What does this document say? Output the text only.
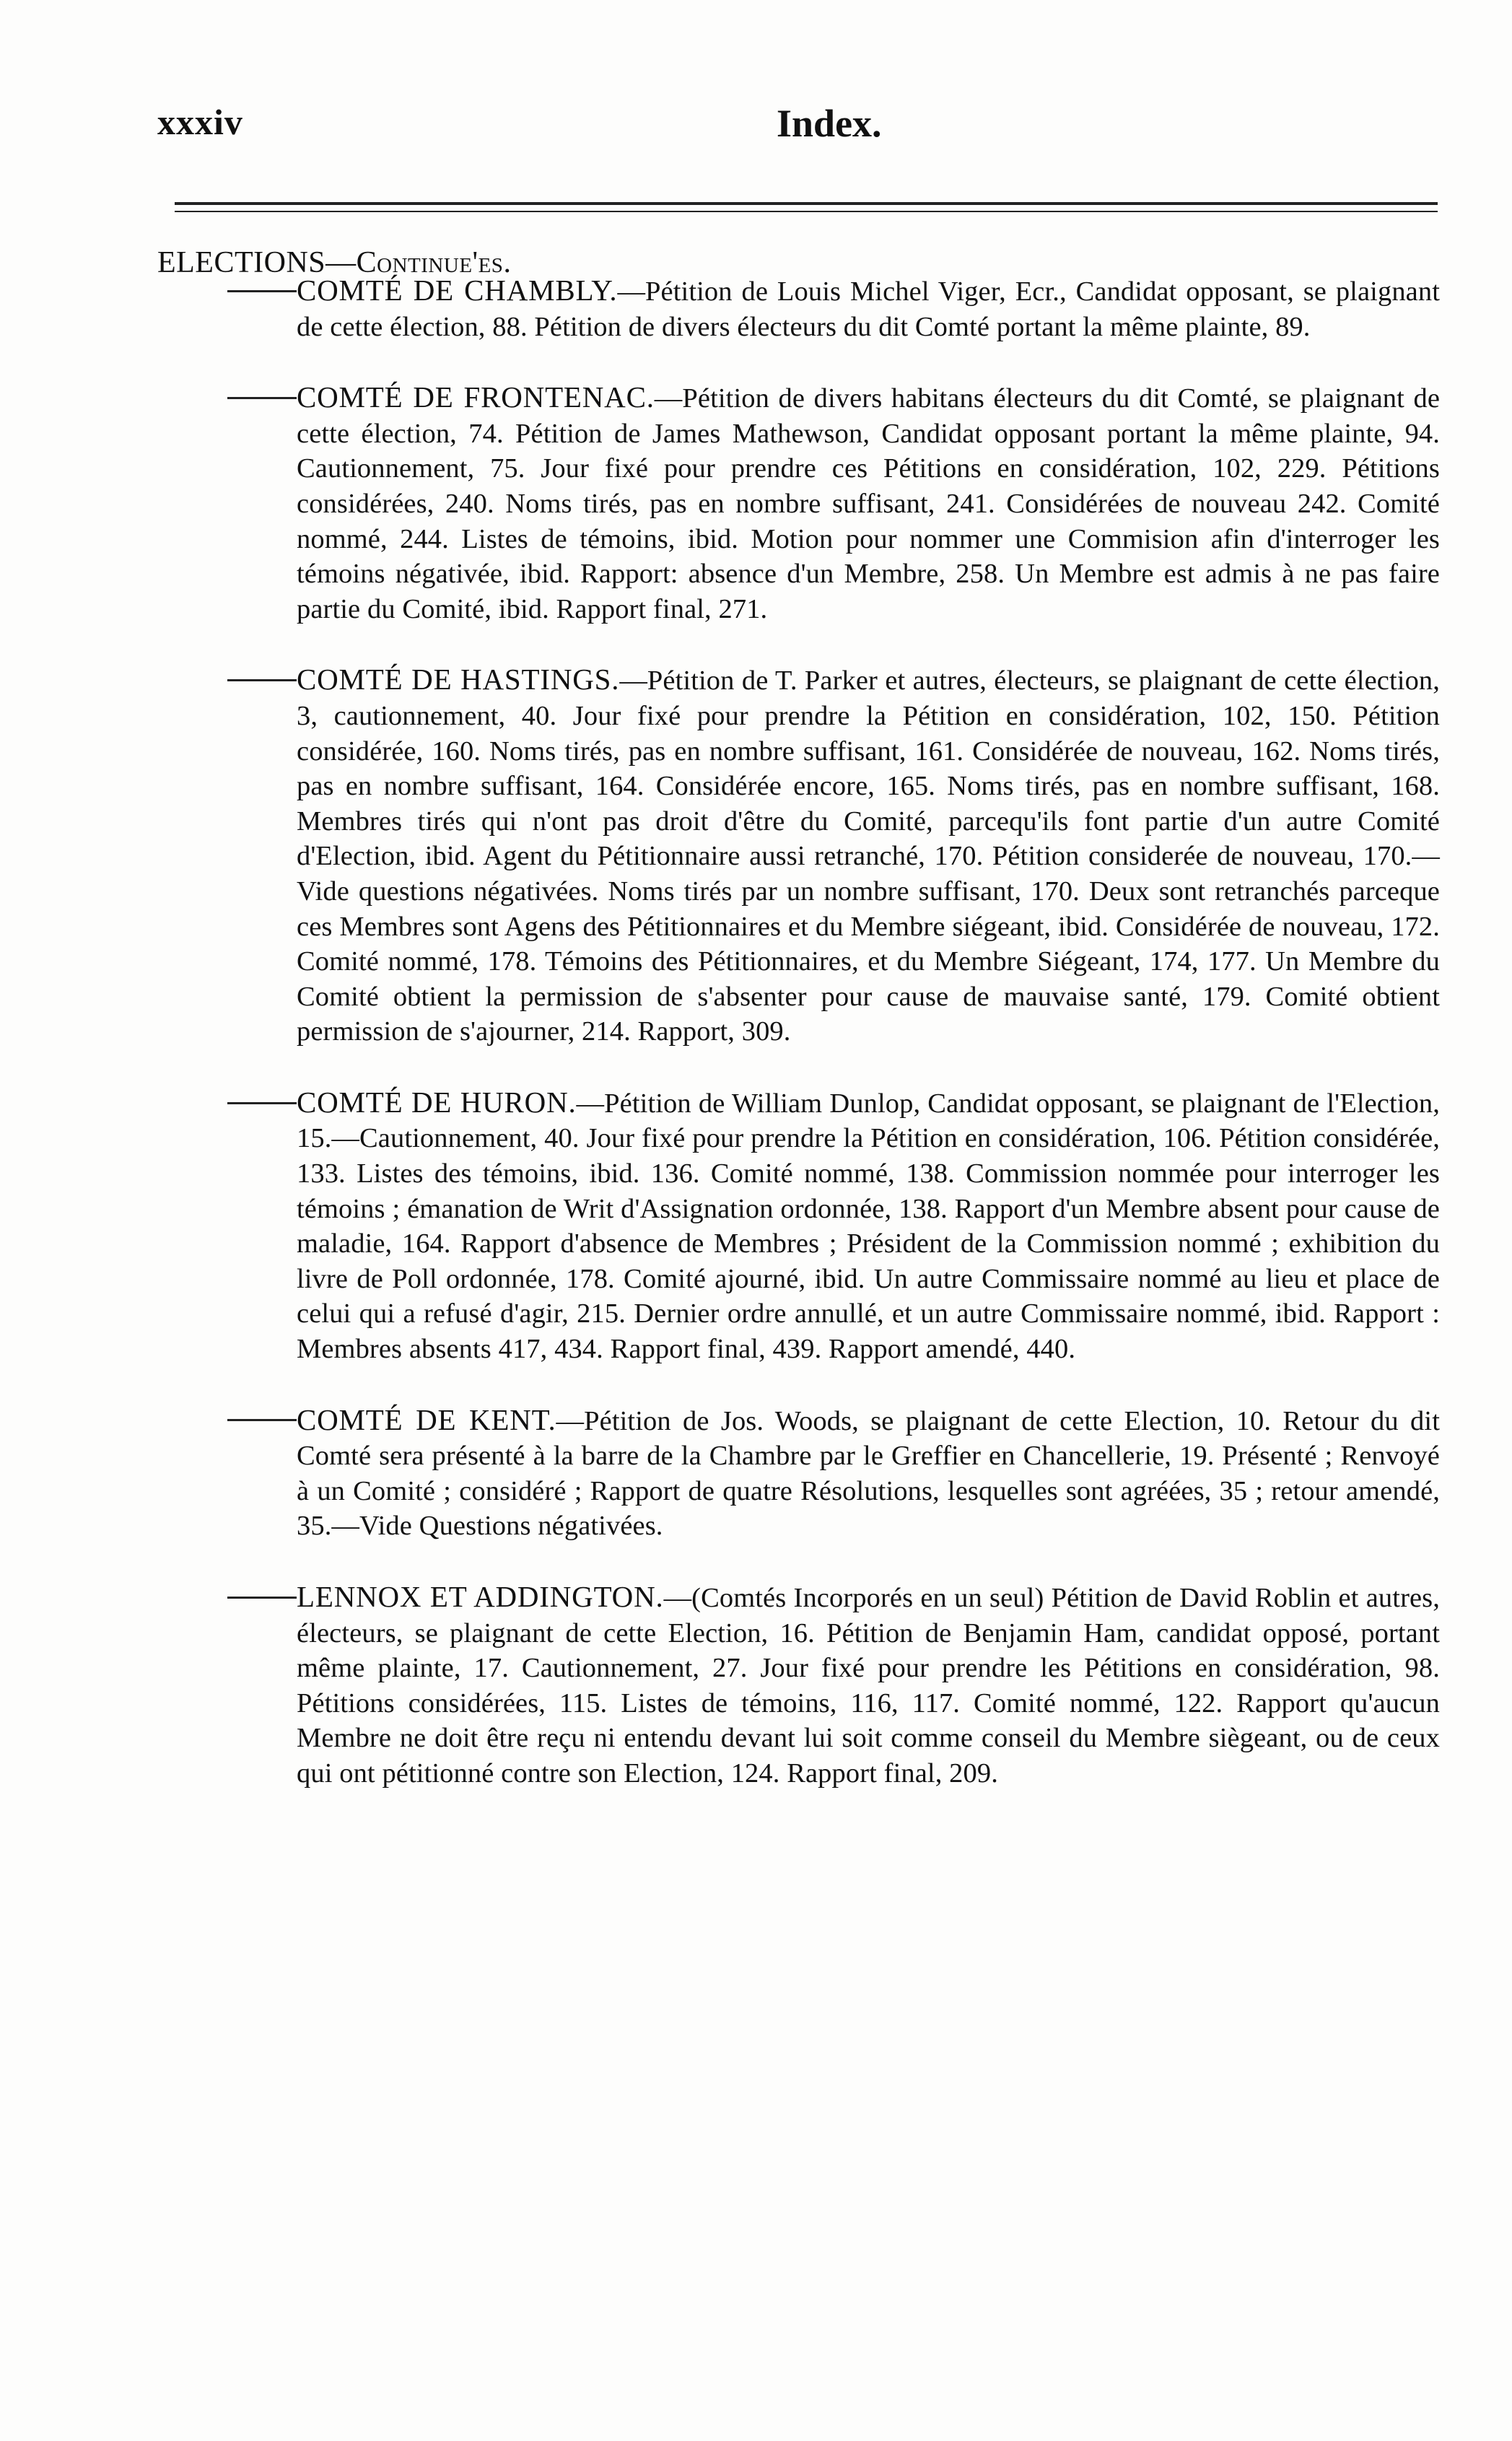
xxxiv	Index.
ELECTIONS—Continue'es.

COMTÉ DE CHAMBLY.—Pétition de Louis Michel Viger, Ecr., Candidat opposant, se plaignant de cette élection, 88. Pétition de divers électeurs du dit Comté portant la même plainte, 89.

COMTÉ DE FRONTENAC.—Pétition de divers habitans électeurs du dit Comté, se plaignant de cette élection, 74. Pétition de James Mathewson, Candidat opposant portant la même plainte, 94. Cautionnement, 75. Jour fixé pour prendre ces Pétitions en considération, 102, 229. Pétitions considérées, 240. Noms tirés, pas en nombre suffisant, 241. Considérées de nouveau 242. Comité nommé, 244. Listes de témoins, ibid. Motion pour nommer une Commision afin d'interroger les témoins négativée, ibid. Rapport: absence d'un Membre, 258. Un Membre est admis à ne pas faire partie du Comité, ibid. Rapport final, 271.

COMTÉ DE HASTINGS.—Pétition de T. Parker et autres, électeurs, se plaignant de cette élection, 3, cautionnement, 40. Jour fixé pour prendre la Pétition en considération, 102, 150. Pétition considérée, 160. Noms tirés, pas en nombre suffisant, 161. Considérée de nouveau, 162. Noms tirés, pas en nombre suffisant, 164. Considérée encore, 165. Noms tirés, pas en nombre suffisant, 168. Membres tirés qui n'ont pas droit d'être du Comité, parcequ'ils font partie d'un autre Comité d'Election, ibid. Agent du Pétitionnaire aussi retranché, 170. Pétition considerée de nouveau, 170.—Vide questions négativées. Noms tirés par un nombre suffisant, 170. Deux sont retranchés parceque ces Membres sont Agens des Pétitionnaires et du Membre siégeant, ibid. Considérée de nouveau, 172. Comité nommé, 178. Témoins des Pétitionnaires, et du Membre Siégeant, 174, 177. Un Membre du Comité obtient la permission de s'absenter pour cause de mauvaise santé, 179. Comité obtient permission de s'ajourner, 214. Rapport, 309.

COMTÉ DE HURON.—Pétition de William Dunlop, Candidat opposant, se plaignant de l'Election, 15.—Cautionnement, 40. Jour fixé pour prendre la Pétition en considération, 106. Pétition considérée, 133. Listes des témoins, ibid. 136. Comité nommé, 138. Commission nommée pour interroger les témoins ; émanation de Writ d'Assignation ordonnée, 138. Rapport d'un Membre absent pour cause de maladie, 164. Rapport d'absence de Membres ; Président de la Commission nommé ; exhibition du livre de Poll ordonnée, 178. Comité ajourné, ibid. Un autre Commissaire nommé au lieu et place de celui qui a refusé d'agir, 215. Dernier ordre annullé, et un autre Commissaire nommé, ibid. Rapport : Membres absents 417, 434. Rapport final, 439. Rapport amendé, 440.

COMTÉ DE KENT.—Pétition de Jos. Woods, se plaignant de cette Election, 10. Retour du dit Comté sera présenté à la barre de la Chambre par le Greffier en Chancellerie, 19. Présenté ; Renvoyé à un Comité ; considéré ; Rapport de quatre Résolutions, lesquelles sont agréées, 35 ; retour amendé, 35.—Vide Questions négativées.

LENNOX ET ADDINGTON.—(Comtés Incorporés en un seul) Pétition de David Roblin et autres, électeurs, se plaignant de cette Election, 16. Pétition de Benjamin Ham, candidat opposé, portant même plainte, 17. Cautionnement, 27. Jour fixé pour prendre les Pétitions en considération, 98. Pétitions considérées, 115. Listes de témoins, 116, 117. Comité nommé, 122. Rapport qu'aucun Membre ne doit être reçu ni entendu devant lui soit comme conseil du Membre siègeant, ou de ceux qui ont pétitionné contre son Election, 124. Rapport final, 209.
